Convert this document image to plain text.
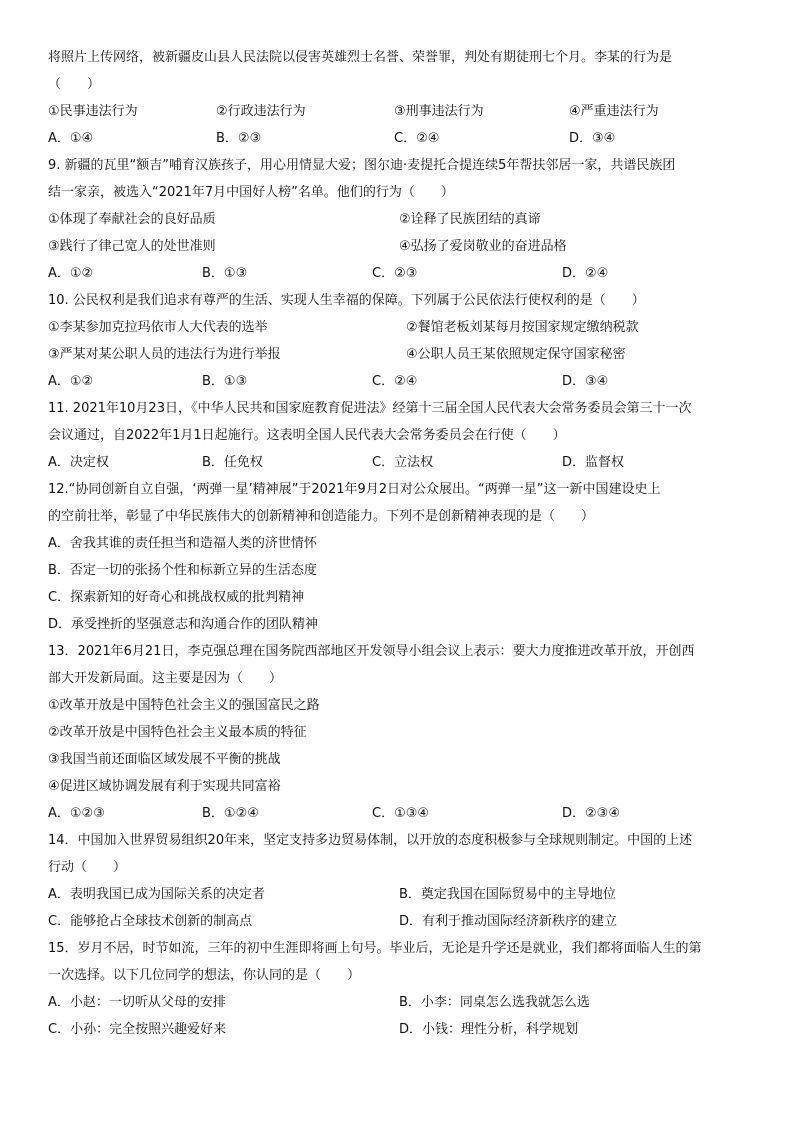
将照片上传网络，被新疆皮山县人民法院以侵害英雄烈士名誉、荣誉罪，判处有期徒刑七个月。李某的行为是
（　　）
①民事违法行为	②行政违法行为	③刑事违法行为	④严重违法行为
A．①④	B．②③	C．②④	D．③④
9. 新疆的瓦里“额吉”哺育汉族孩子，用心用情显大爱；图尔迪·麦提托合提连续5年帮扶邻居一家，共谱民族团
结一家亲，被选入“2021年7月中国好人榜”名单。他们的行为（　　）
①体现了奉献社会的良好品质	②诠释了民族团结的真谛
③践行了律己宽人的处世准则	④弘扬了爱岗敬业的奋进品格
A．①②	B．①③	C．②③	D．②④
10. 公民权利是我们追求有尊严的生活、实现人生幸福的保障。下列属于公民依法行使权利的是（　　）
①李某参加克拉玛依市人大代表的选举	②餐馆老板刘某每月按国家规定缴纳税款
③严某对某公职人员的违法行为进行举报	④公职人员王某依照规定保守国家秘密
A．①②	B．①③	C．②④	D．③④
11. 2021年10月23日，《中华人民共和国家庭教育促进法》经第十三届全国人民代表大会常务委员会第三十一次
会议通过，自2022年1月1日起施行。这表明全国人民代表大会常务委员会在行使（　　）
A．决定权	B．任免权	C．立法权	D．监督权
12.“协同创新自立自强，‘两弹一星’精神展”于2021年9月2日对公众展出。“两弹一星”这一新中国建设史上
的空前壮举，彰显了中华民族伟大的创新精神和创造能力。下列不是创新精神表现的是（　　）
A．舍我其谁的责任担当和造福人类的济世情怀
B．否定一切的张扬个性和标新立异的生活态度
C．探索新知的好奇心和挑战权威的批判精神
D．承受挫折的坚强意志和沟通合作的团队精神
13．2021年6月21日，李克强总理在国务院西部地区开发领导小组会议上表示：要大力度推进改革开放，开创西
部大开发新局面。这主要是因为（　　）
①改革开放是中国特色社会主义的强国富民之路
②改革开放是中国特色社会主义最本质的特征
③我国当前还面临区域发展不平衡的挑战
④促进区域协调发展有利于实现共同富裕
A．①②③	B．①②④	C．①③④	D．②③④
14．中国加入世界贸易组织20年来，坚定支持多边贸易体制，以开放的态度积极参与全球规则制定。中国的上述
行动（　　）
A．表明我国已成为国际关系的决定者	B．奠定我国在国际贸易中的主导地位
C．能够抢占全球技术创新的制高点	D．有利于推动国际经济新秩序的建立
15．岁月不居，时节如流，三年的初中生涯即将画上句号。毕业后，无论是升学还是就业，我们都将面临人生的第
一次选择。以下几位同学的想法，你认同的是（　　）
A．小赵：一切听从父母的安排	B．小李：同桌怎么选我就怎么选
C．小孙：完全按照兴趣爱好来	D．小钱：理性分析，科学规划
